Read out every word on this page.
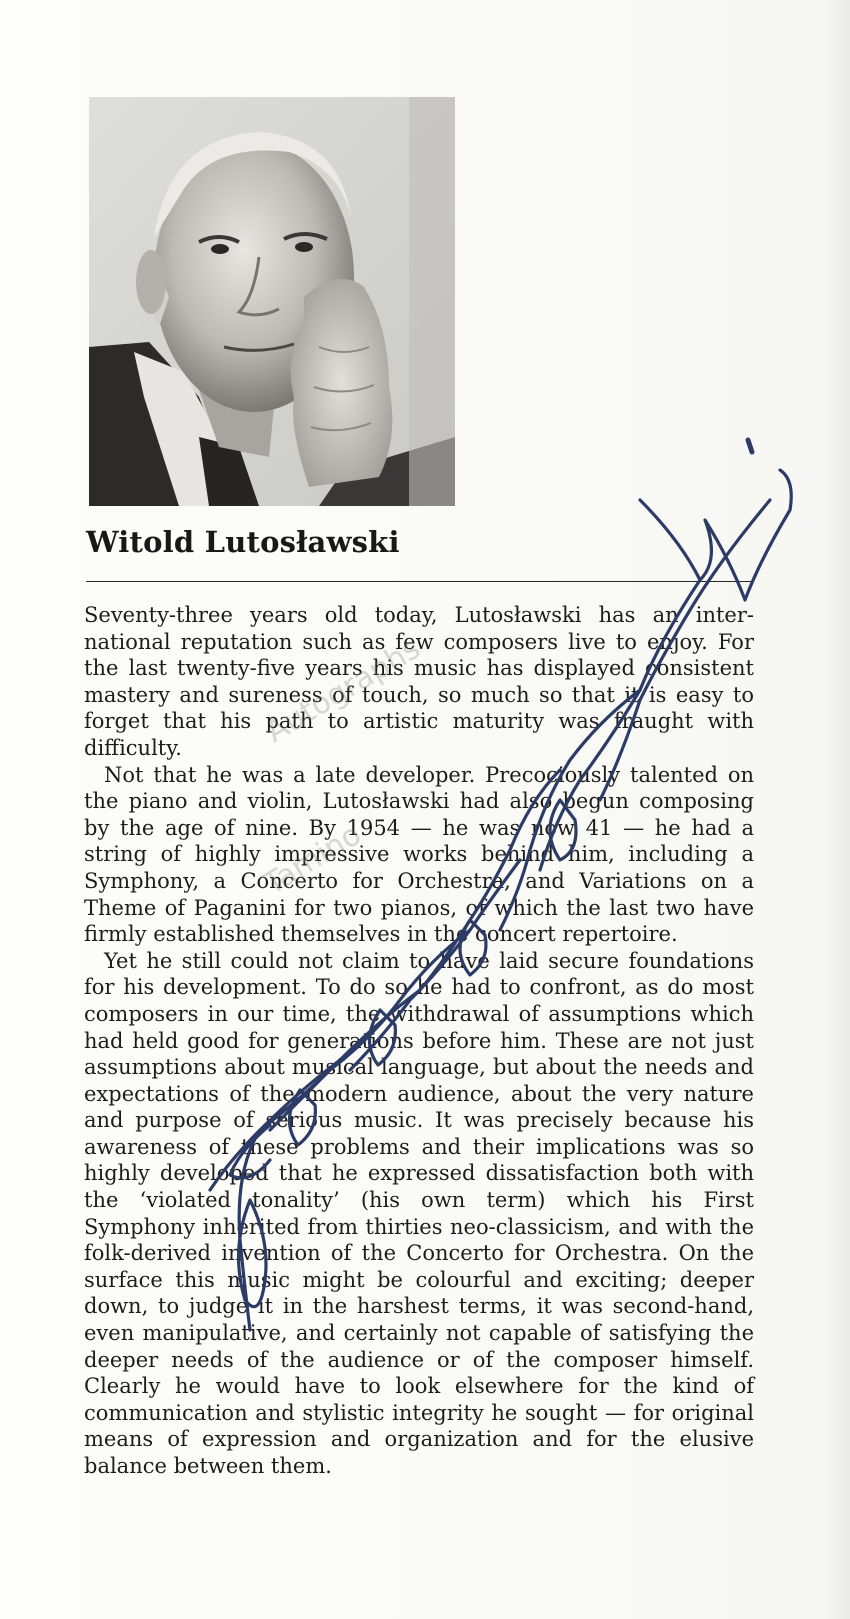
Witold Lutosławski

Seventy-three years old today, Lutosławski has an international reputation such as few composers live to enjoy. For the last twenty-five years his music has displayed consistent mastery and sureness of touch, so much so that it is easy to forget that his path to artistic maturity was fraught with difficulty.

Not that he was a late developer. Precociously talented on the piano and violin, Lutosławski had also begun composing by the age of nine. By 1954 — he was now 41 — he had a string of highly impressive works behind him, including a Symphony, a Concerto for Orchestra, and Variations on a Theme of Paganini for two pianos, of which the last two have firmly established themselves in the concert repertoire.

Yet he still could not claim to have laid secure foundations for his development. To do so he had to confront, as do most composers in our time, the withdrawal of assumptions which had held good for generations before him. These are not just assumptions about musical language, but about the needs and expectations of the modern audience, about the very nature and purpose of serious music. It was precisely because his awareness of these problems and their implications was so highly developed that he expressed dissatisfaction both with the ‘violated tonality’ (his own term) which his First Symphony inherited from thirties neo-classicism, and with the folk-derived invention of the Concerto for Orchestra. On the surface this music might be colourful and exciting; deeper down, to judge it in the harshest terms, it was second-hand, even manipulative, and certainly not capable of satisfying the deeper needs of the audience or of the composer himself. Clearly he would have to look elsewhere for the kind of communication and stylistic integrity he sought — for original means of expression and organization and for the elusive balance between them.

Tamino
Autographs
